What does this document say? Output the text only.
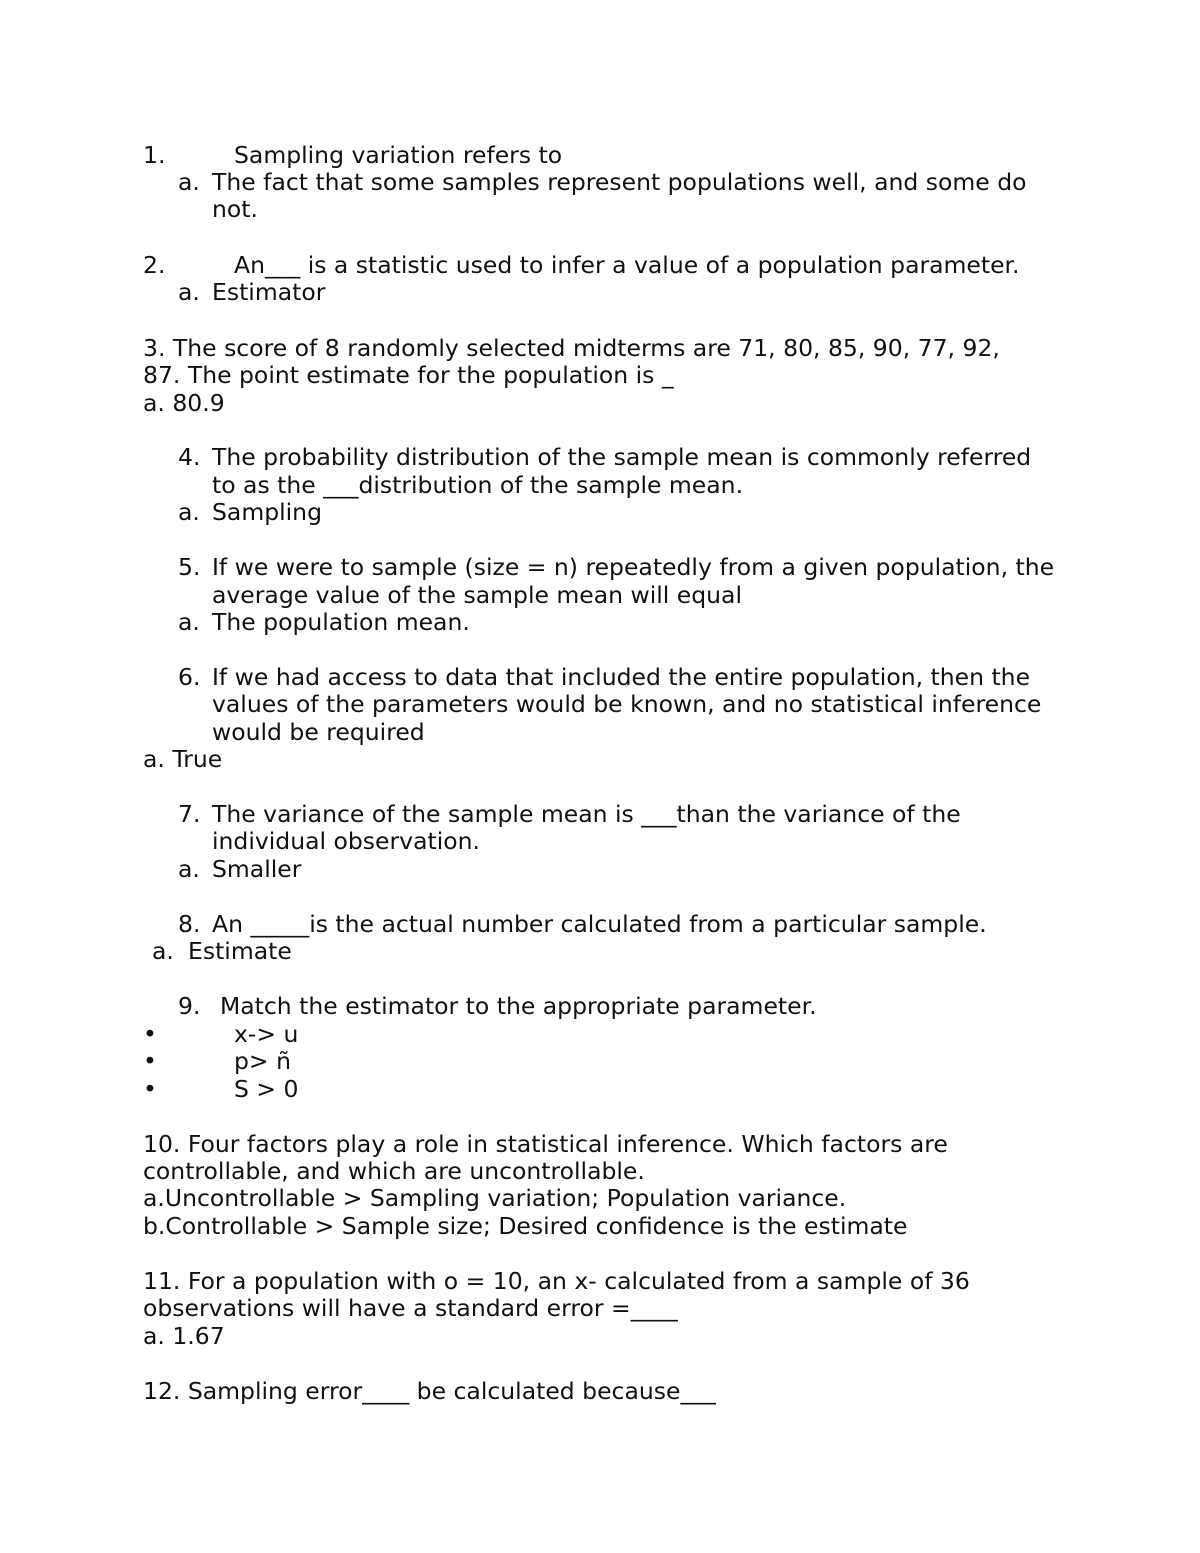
1.	Sampling variation refers to
a. The fact that some samples represent populations well, and some do
not.
2.	An___ is a statistic used to infer a value of a population parameter.
a. Estimator
3. The score of 8 randomly selected midterms are 71, 80, 85, 90, 77, 92,
87. The point estimate for the population is _
a. 80.9
4. The probability distribution of the sample mean is commonly referred
to as the ___distribution of the sample mean.
a. Sampling
5. If we were to sample (size = n) repeatedly from a given population, the
average value of the sample mean will equal
a. The population mean.
6. If we had access to data that included the entire population, then the
values of the parameters would be known, and no statistical inference
would be required
a. True
7. The variance of the sample mean is ___than the variance of the
individual observation.
a. Smaller
8. An _____is the actual number calculated from a particular sample.
a. Estimate
9. Match the estimator to the appropriate parameter.
•	x-> u
•	p> ñ
•	S > 0
10. Four factors play a role in statistical inference. Which factors are
controllable, and which are uncontrollable.
a.Uncontrollable > Sampling variation; Population variance.
b.Controllable > Sample size; Desired confidence is the estimate
11. For a population with o = 10, an x- calculated from a sample of 36
observations will have a standard error =____
a. 1.67
12. Sampling error____ be calculated because___
